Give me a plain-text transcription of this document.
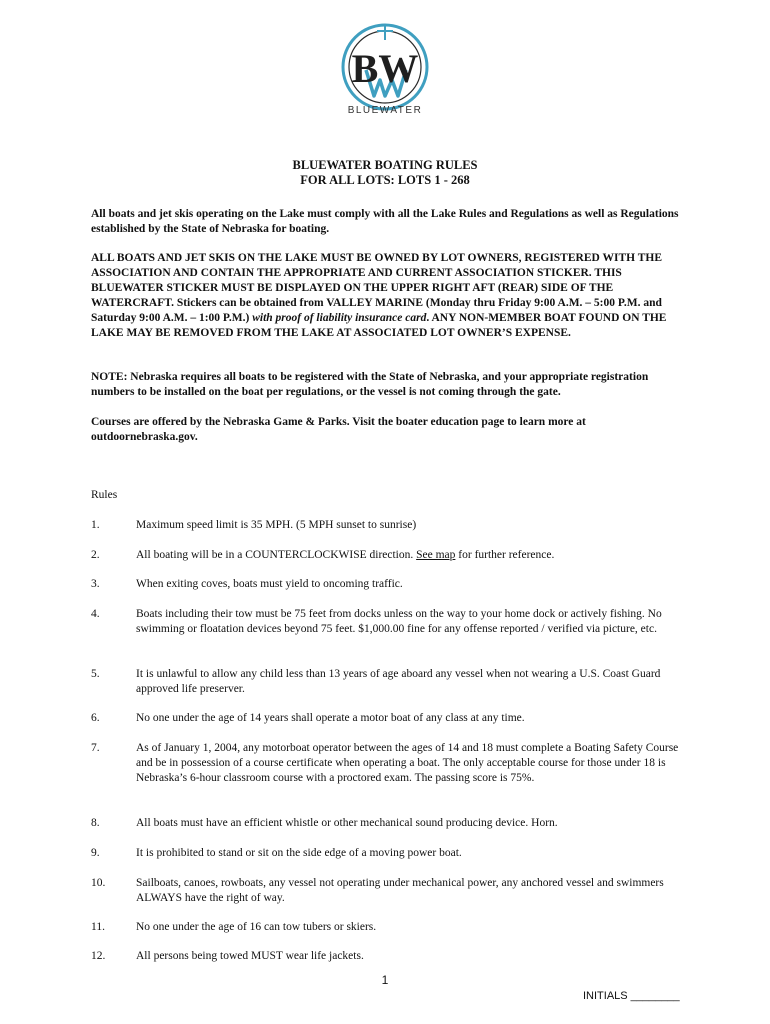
BW
BLUEWATER
BLUEWATER BOATING RULES
FOR ALL LOTS: LOTS 1 - 268
All boats and jet skis operating on the Lake must comply with all the Lake Rules and Regulations as well as Regulations established by the State of Nebraska for boating.
ALL BOATS AND JET SKIS ON THE LAKE MUST BE OWNED BY LOT OWNERS, REGISTERED WITH THE ASSOCIATION AND CONTAIN THE APPROPRIATE AND CURRENT ASSOCIATION STICKER. THIS BLUEWATER STICKER MUST BE DISPLAYED ON THE UPPER RIGHT AFT (REAR) SIDE OF THE WATERCRAFT. Stickers can be obtained from VALLEY MARINE (Monday thru Friday 9:00 A.M. – 5:00 P.M. and Saturday 9:00 A.M. – 1:00 P.M.) with proof of liability insurance card. ANY NON-MEMBER BOAT FOUND ON THE LAKE MAY BE REMOVED FROM THE LAKE AT ASSOCIATED LOT OWNER’S EXPENSE.
NOTE: Nebraska requires all boats to be registered with the State of Nebraska, and your appropriate registration numbers to be installed on the boat per regulations, or the vessel is not coming through the gate.
Courses are offered by the Nebraska Game & Parks. Visit the boater education page to learn more at outdoornebraska.gov.
Rules
1.	Maximum speed limit is 35 MPH. (5 MPH sunset to sunrise)
2.	All boating will be in a COUNTERCLOCKWISE direction. See map for further reference.
3.	When exiting coves, boats must yield to oncoming traffic.
4.	Boats including their tow must be 75 feet from docks unless on the way to your home dock or actively fishing. No swimming or floatation devices beyond 75 feet. $1,000.00 fine for any offense reported / verified via picture, etc.
5.	It is unlawful to allow any child less than 13 years of age aboard any vessel when not wearing a U.S. Coast Guard approved life preserver.
6.	No one under the age of 14 years shall operate a motor boat of any class at any time.
7.	As of January 1, 2004, any motorboat operator between the ages of 14 and 18 must complete a Boating Safety Course and be in possession of a course certificate when operating a boat. The only acceptable course for those under 18 is Nebraska’s 6-hour classroom course with a proctored exam. The passing score is 75%.
8.	All boats must have an efficient whistle or other mechanical sound producing device. Horn.
9.	It is prohibited to stand or sit on the side edge of a moving power boat.
10.	Sailboats, canoes, rowboats, any vessel not operating under mechanical power, any anchored vessel and swimmers ALWAYS have the right of way.
11.	No one under the age of 16 can tow tubers or skiers.
12.	All persons being towed MUST wear life jackets.
1
INITIALS ________
